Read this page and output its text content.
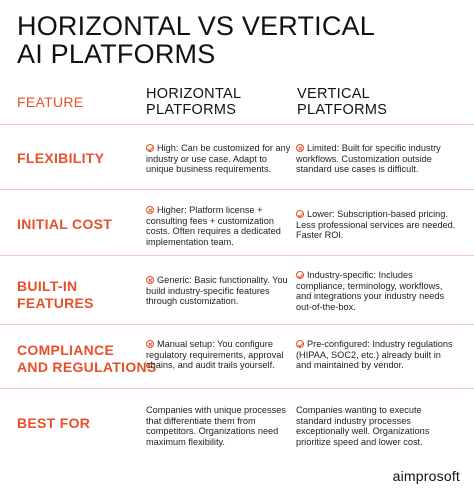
HORIZONTAL VS VERTICAL
AI PLATFORMS
FEATURE	HORIZONTAL
PLATFORMS
VERTICAL
PLATFORMS
FLEXIBILITY
High: Can be customized for any industry or use case. Adapt to unique business requirements.
Limited: Built for specific industry workflows. Customization outside standard use cases is difficult.
INITIAL COST
Higher: Platform license + consulting fees + customization costs. Often requires a dedicated implementation team.
Lower: Subscription-based pricing. Less professional services are needed. Faster ROI.
BUILT-IN
FEATURES
Generic: Basic functionality. You build industry-specific features through customization.
Industry-specific: Includes compliance, terminology, workflows, and integrations your industry needs out-of-the-box.
COMPLIANCE
AND REGULATIONS
Manual setup: You configure regulatory requirements, approval chains, and audit trails yourself.
Pre-configured: Industry regulations (HIPAA, SOC2, etc.) already built in and maintained by vendor.
BEST FOR
Companies with unique processes that differentiate them from competitors. Organizations need maximum flexibility.
Companies wanting to execute standard industry processes exceptionally well. Organizations prioritize speed and lower cost.
aimprosoft
